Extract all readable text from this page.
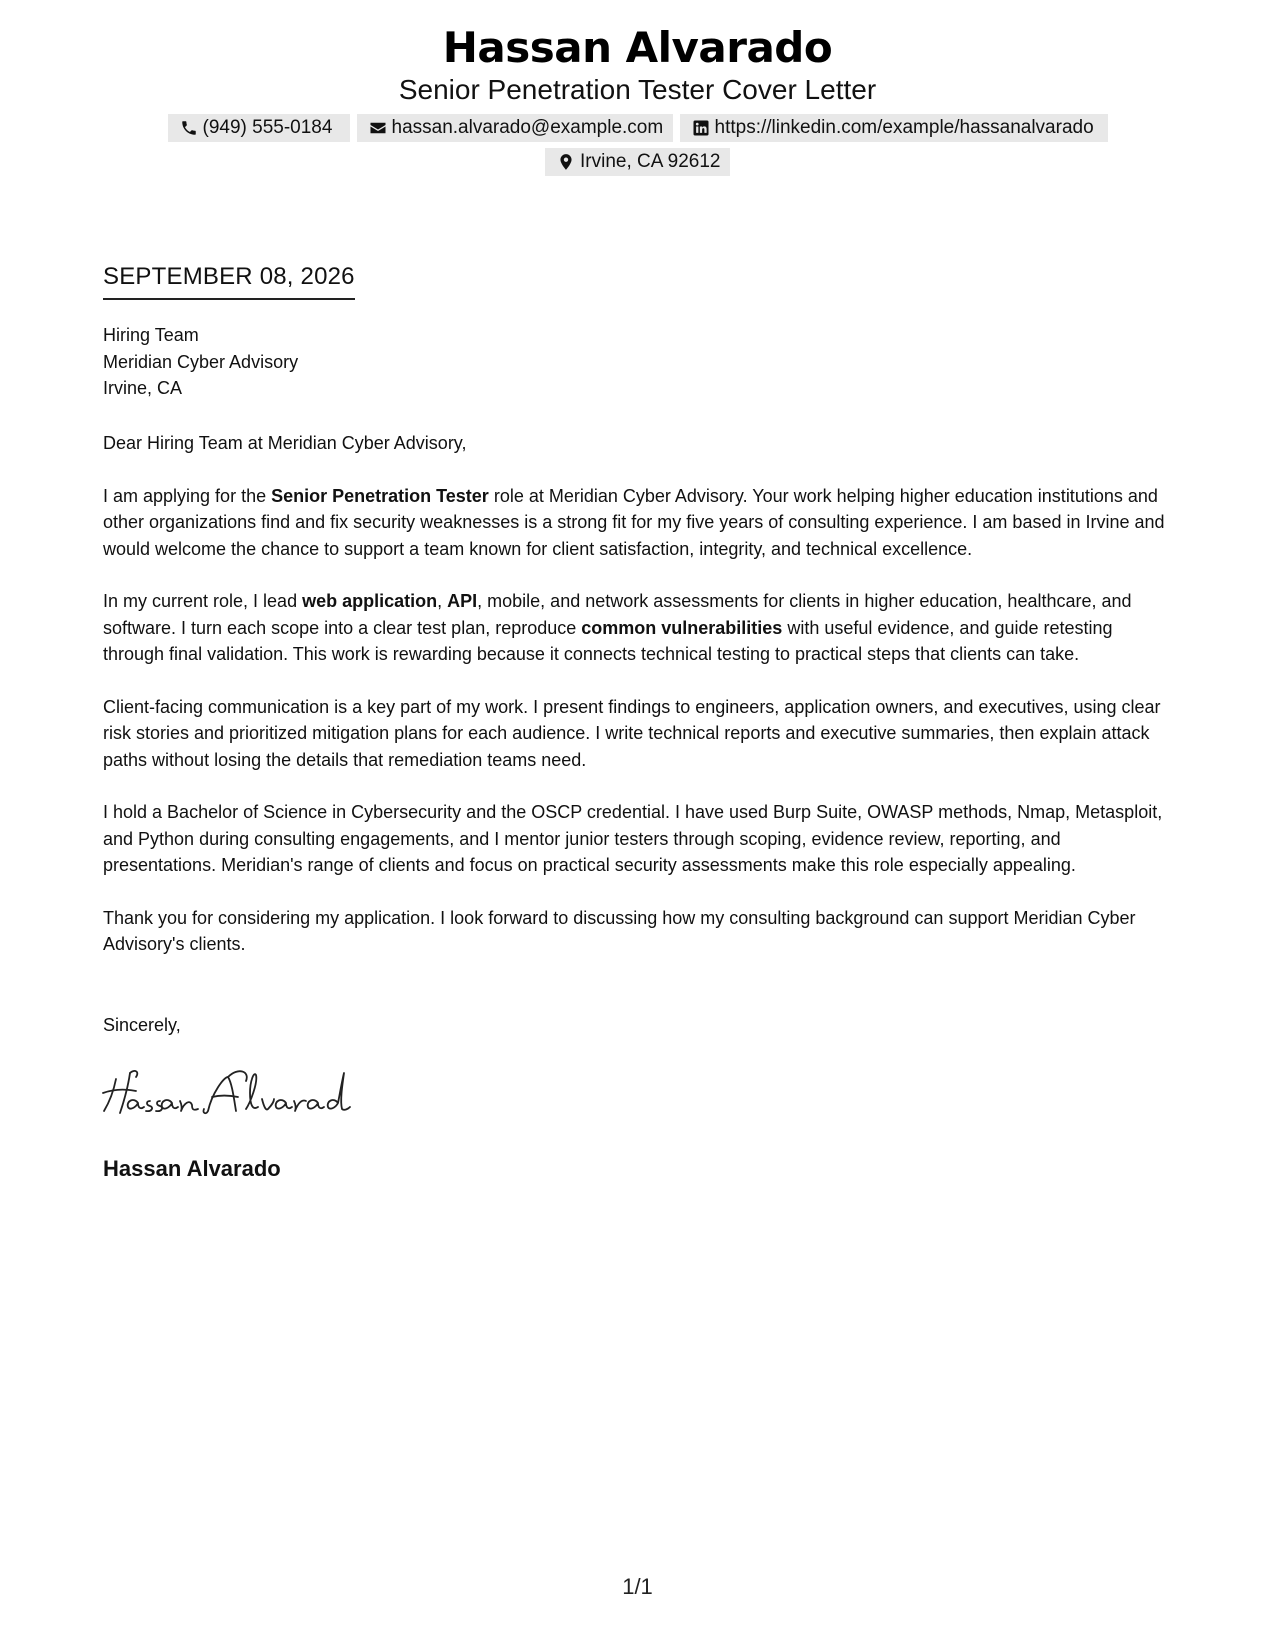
Hassan Alvarado
Senior Penetration Tester Cover Letter
(949) 555-0184	hassan.alvarado@example.com	https://linkedin.com/example/hassanalvarado
Irvine, CA 92612
SEPTEMBER 08, 2026
Hiring Team
Meridian Cyber Advisory
Irvine, CA

Dear Hiring Team at Meridian Cyber Advisory,

I am applying for the Senior Penetration Tester role at Meridian Cyber Advisory. Your work helping higher education institutions and other organizations find and fix security weaknesses is a strong fit for my five years of consulting experience. I am based in Irvine and would welcome the chance to support a team known for client satisfaction, integrity, and technical excellence.

In my current role, I lead web application, API, mobile, and network assessments for clients in higher education, healthcare, and software. I turn each scope into a clear test plan, reproduce common vulnerabilities with useful evidence, and guide retesting through final validation. This work is rewarding because it connects technical testing to practical steps that clients can take.

Client-facing communication is a key part of my work. I present findings to engineers, application owners, and executives, using clear risk stories and prioritized mitigation plans for each audience. I write technical reports and executive summaries, then explain attack paths without losing the details that remediation teams need.

I hold a Bachelor of Science in Cybersecurity and the OSCP credential. I have used Burp Suite, OWASP methods, Nmap, Metasploit, and Python during consulting engagements, and I mentor junior testers through scoping, evidence review, reporting, and presentations. Meridian's range of clients and focus on practical security assessments make this role especially appealing.

Thank you for considering my application. I look forward to discussing how my consulting background can support Meridian Cyber Advisory's clients.

Sincerely,
Hassan Alvarado
1/1
